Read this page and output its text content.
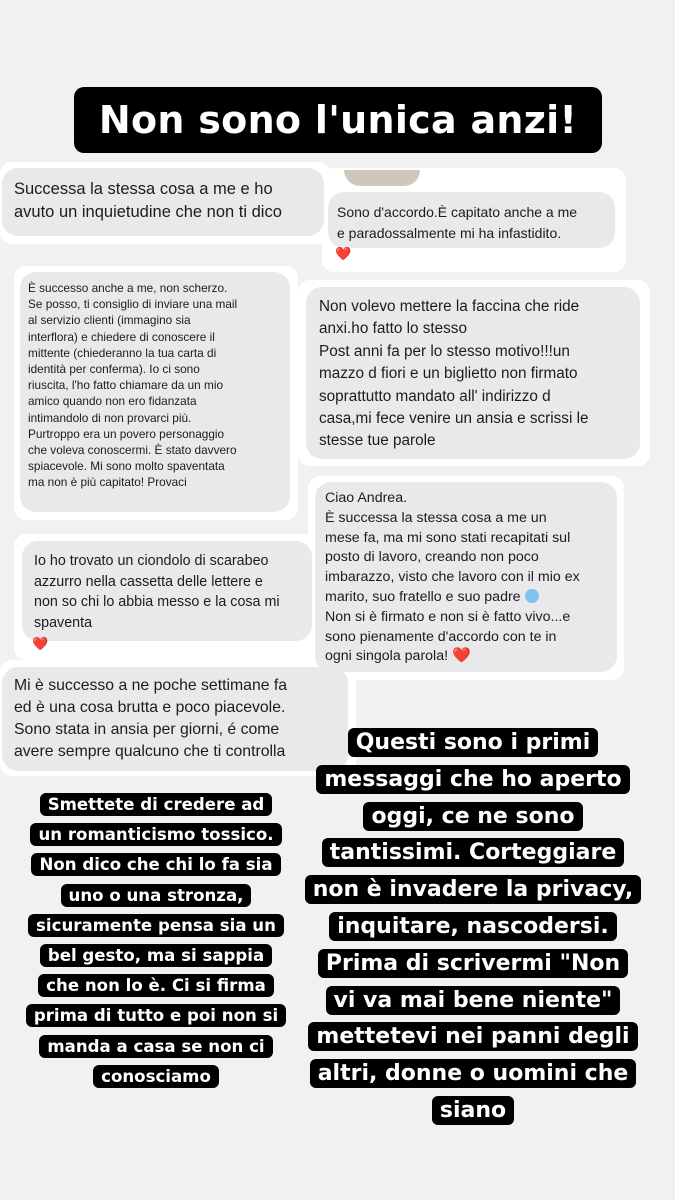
Non sono l'unica anzi!
Successa la stessa cosa a me e ho
avuto un inquietudine che non ti dico	Sono d'accordo.È capitato anche a me
e paradossalmente mi ha infastidito.
❤️
È successo anche a me, non scherzo.
Se posso, ti consiglio di inviare una mail
al servizio clienti (immagino sia
interflora) e chiedere di conoscere il
mittente (chiederanno la tua carta di
identità per conferma). Io ci sono
riuscita, l'ho fatto chiamare da un mio
amico quando non ero fidanzata
intimandolo di non provarci più.
Purtroppo era un povero personaggio
che voleva conoscermi. È stato davvero
spiacevole. Mi sono molto spaventata
ma non è più capitato! Provaci
Non volevo mettere la faccina che ride
anxi.ho fatto lo stesso
Post anni fa per lo stesso motivo!!!un
mazzo d fiori e un biglietto non firmato
soprattutto mandato all' indirizzo d
casa,mi fece venire un ansia e scrissi le
stesse tue parole
Ciao Andrea.
È successa la stessa cosa a me un
mese fa, ma mi sono stati recapitati sul
posto di lavoro, creando non poco
imbarazzo, visto che lavoro con il mio ex
marito, suo fratello e suo padre
Non si è firmato e non si è fatto vivo...e
sono pienamente d'accordo con te in
ogni singola parola! ❤️
Io ho trovato un ciondolo di scarabeo
azzurro nella cassetta delle lettere e
non so chi lo abbia messo e la cosa mi
spaventa
❤️
Mi è successo a ne poche settimane fa
ed è una cosa brutta e poco piacevole.
Sono stata in ansia per giorni, é come
avere sempre qualcuno che ti controlla
Smettete di credere ad
un romanticismo tossico.
Non dico che chi lo fa sia
uno o una stronza,
sicuramente pensa sia un
bel gesto, ma si sappia
che non lo è. Ci si firma
prima di tutto e poi non si
manda a casa se non ci
conosciamo
Questi sono i primi
messaggi che ho aperto
oggi, ce ne sono
tantissimi. Corteggiare
non è invadere la privacy,
inquitare, nascodersi.
Prima di scrivermi "Non
vi va mai bene niente"
mettetevi nei panni degli
altri, donne o uomini che
siano
